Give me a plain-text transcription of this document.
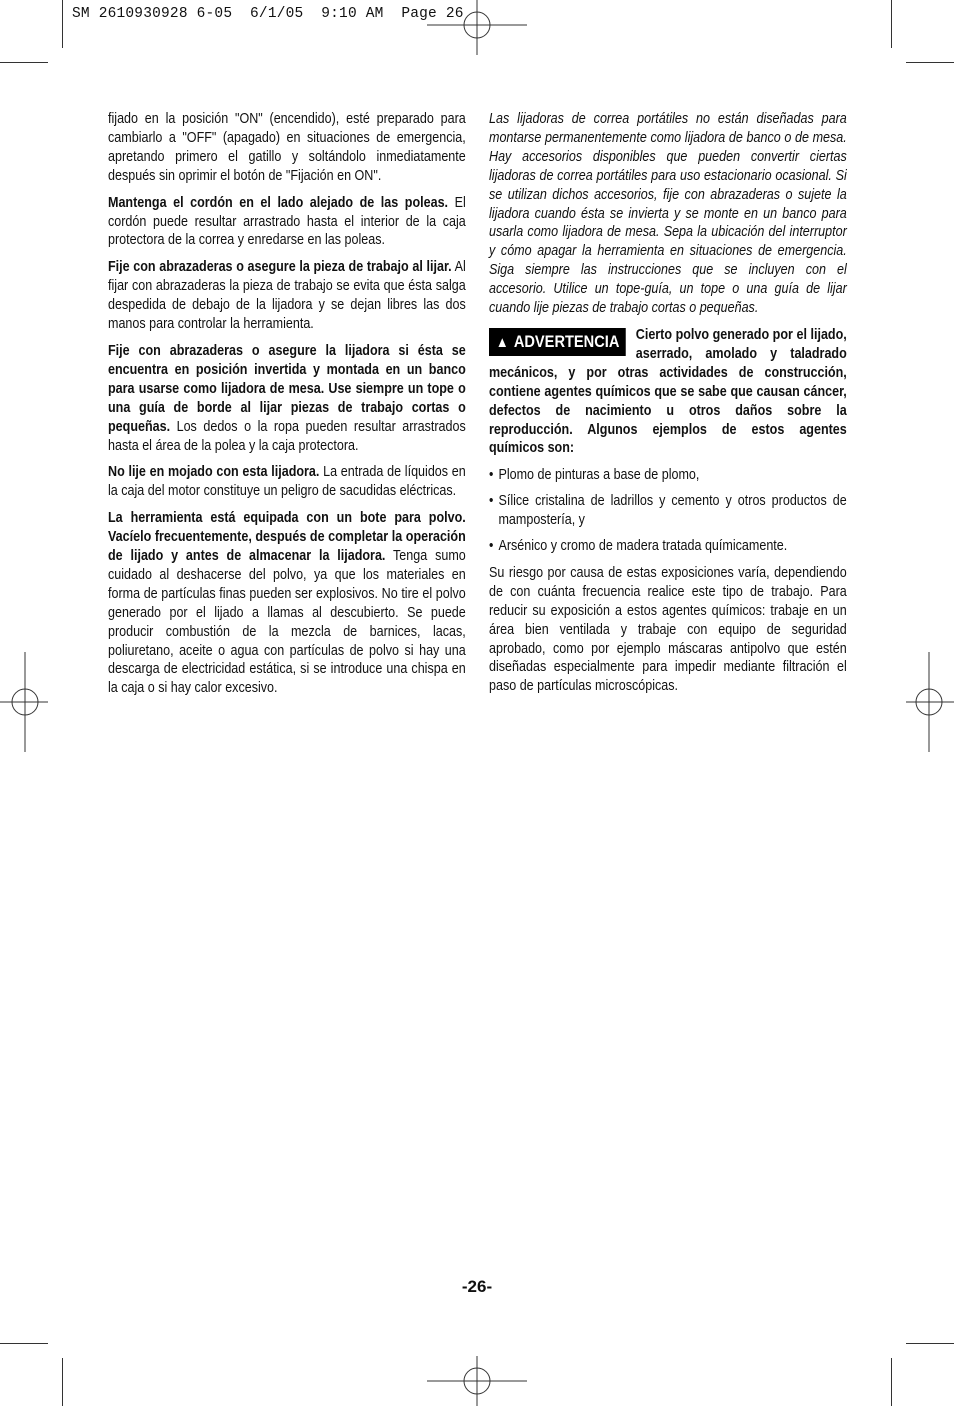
SM 2610930928 6-05  6/1/05  9:10 AM  Page 26

fijado en la posición "ON" (encendido), esté preparado para cambiarlo a "OFF" (apagado) en situaciones de emergencia, apretando primero el gatillo y soltándolo inmediatamente después sin oprimir el botón de "Fijación en ON".

Mantenga el cordón en el lado alejado de las poleas. El cordón puede resultar arrastrado hasta el interior de la caja protectora de la correa y enredarse en las poleas.

Fije con abrazaderas o asegure la pieza de trabajo al lijar. Al fijar con abrazaderas la pieza de trabajo se evita que ésta salga despedida de debajo de la lijadora y se dejan libres las dos manos para controlar la herramienta.

Fije con abrazaderas o asegure la lijadora si ésta se encuentra en posición invertida y montada en un banco para usarse como lijadora de mesa. Use siempre un tope o una guía de borde al lijar piezas de trabajo cortas o pequeñas. Los dedos o la ropa pueden resultar arrastrados hasta el área de la polea y la caja protectora.

No lije en mojado con esta lijadora. La entrada de líquidos en la caja del motor constituye un peligro de sacudidas eléctricas.

La herramienta está equipada con un bote para polvo. Vacíelo frecuentemente, después de completar la operación de lijado y antes de almacenar la lijadora. Tenga sumo cuidado al deshacerse del polvo, ya que los materiales en forma de partículas finas pueden ser explosivos. No tire el polvo generado por el lijado a llamas al descubierto. Se puede producir combustión de la mezcla de barnices, lacas, poliuretano, aceite o agua con partículas de polvo si hay una descarga de electricidad estática, si se introduce una chispa en la caja o si hay calor excesivo.

Las lijadoras de correa portátiles no están diseñadas para montarse permanentemente como lijadora de banco o de mesa. Hay accesorios disponibles que pueden convertir ciertas lijadoras de correa portátiles para uso estacionario ocasional. Si se utilizan dichos accesorios, fije con abrazaderas o sujete la lijadora cuando ésta se invierta y se monte en un banco para usarla como lijadora de mesa. Sepa la ubicación del interruptor y cómo apagar la herramienta en situaciones de emergencia. Siga siempre las instrucciones que se incluyen con el accesorio. Utilice un tope-guía, un tope o una guía de lijar cuando lije piezas de trabajo cortas o pequeñas.

▲ ADVERTENCIA	Cierto polvo generado por el lijado, aserrado, amolado y taladrado mecánicos, y por otras actividades de construcción, contiene agentes químicos que se sabe que causan cáncer, defectos de nacimiento u otros daños sobre la reproducción. Algunos ejemplos de estos agentes químicos son:

• Plomo de pinturas a base de plomo,
• Sílice cristalina de ladrillos y cemento y otros productos de mampostería, y
• Arsénico y cromo de madera tratada químicamente.

Su riesgo por causa de estas exposiciones varía, dependiendo de con cuánta frecuencia realice este tipo de trabajo. Para reducir su exposición a estos agentes químicos: trabaje en un área bien ventilada y trabaje con equipo de seguridad aprobado, como por ejemplo máscaras antipolvo que estén diseñadas especialmente para impedir mediante filtración el paso de partículas microscópicas.

-26-
